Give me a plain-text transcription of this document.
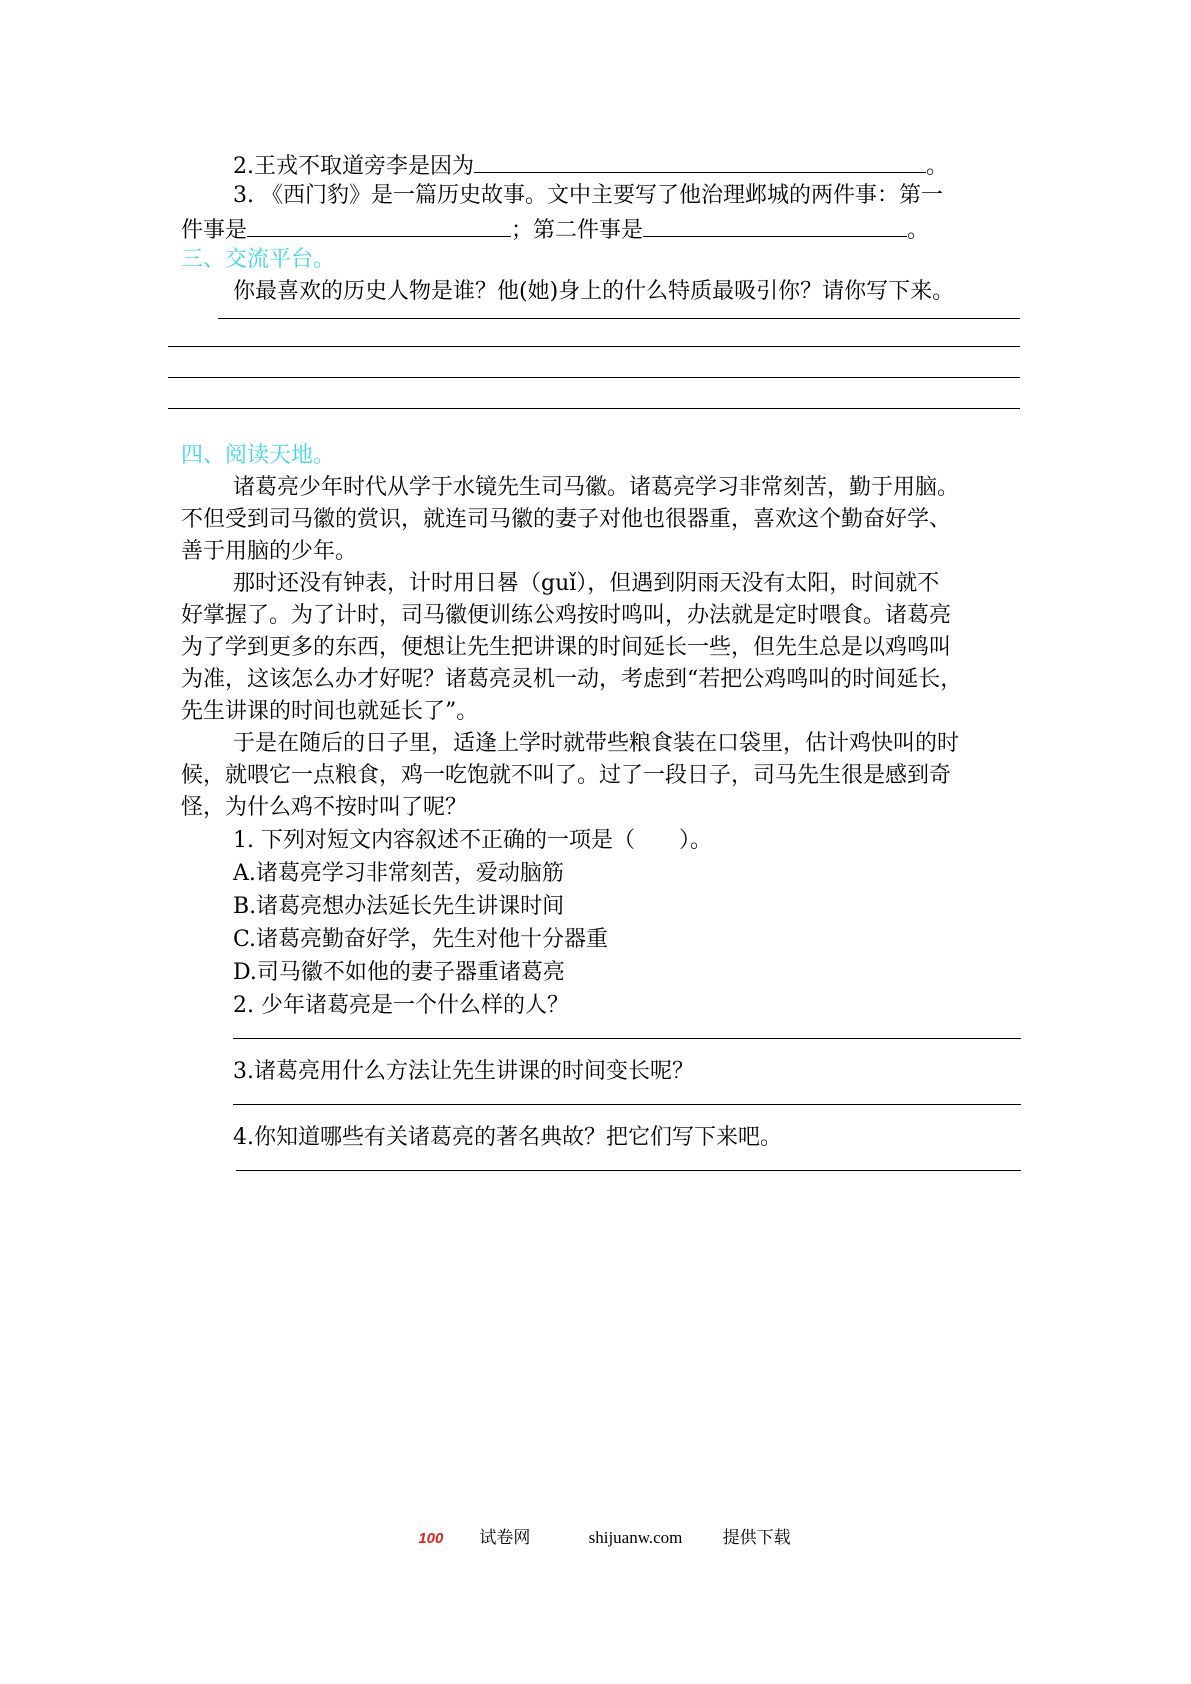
2.王戎不取道旁李是因为	。
3. 《西门豹》是一篇历史故事。文中主要写了他治理邺城的两件事：第一
件事是	；第二件事是	。
三、交流平台。
你最喜欢的历史人物是谁？他(她)身上的什么特质最吸引你？请你写下来。
四、阅读天地。
诸葛亮少年时代从学于水镜先生司马徽。诸葛亮学习非常刻苦，勤于用脑。
不但受到司马徽的赏识，就连司马徽的妻子对他也很器重，喜欢这个勤奋好学、
善于用脑的少年。
那时还没有钟表，计时用日晷（guǐ），但遇到阴雨天没有太阳，时间就不
好掌握了。为了计时，司马徽便训练公鸡按时鸣叫，办法就是定时喂食。诸葛亮
为了学到更多的东西，便想让先生把讲课的时间延长一些，但先生总是以鸡鸣叫
为准，这该怎么办才好呢？诸葛亮灵机一动，考虑到“若把公鸡鸣叫的时间延长，
先生讲课的时间也就延长了”。
于是在随后的日子里，适逢上学时就带些粮食装在口袋里，估计鸡快叫的时
候，就喂它一点粮食，鸡一吃饱就不叫了。过了一段日子，司马先生很是感到奇
怪，为什么鸡不按时叫了呢？
1. 下列对短文内容叙述不正确的一项是（　　）。
A.诸葛亮学习非常刻苦，爱动脑筋
B.诸葛亮想办法延长先生讲课时间
C.诸葛亮勤奋好学，先生对他十分器重
D.司马徽不如他的妻子器重诸葛亮
2. 少年诸葛亮是一个什么样的人？
3.诸葛亮用什么方法让先生讲课的时间变长呢？
4.你知道哪些有关诸葛亮的著名典故？把它们写下来吧。
100 试卷网	shijuanw.com 提供下载
